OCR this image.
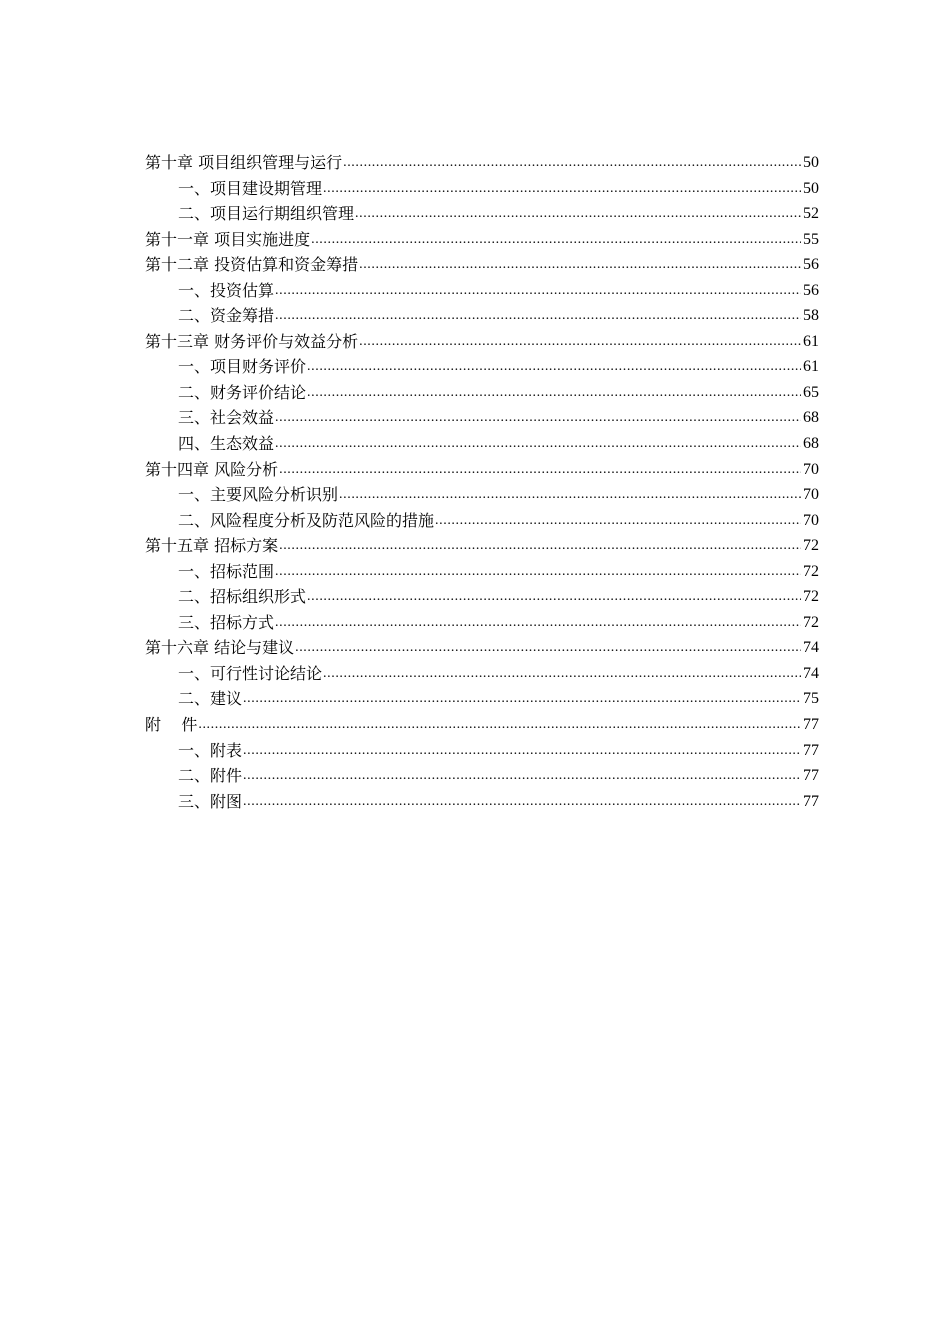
第十章 项目组织管理与运行 .....	50
一、项目建设期管理 .....	50
二、项目运行期组织管理 .....	52
第十一章 项目实施进度 .....	55
第十二章 投资估算和资金筹措 .....	56
一、投资估算 .....	56
二、资金筹措 .....	58
第十三章 财务评价与效益分析 .....	61
一、项目财务评价 .....	61
二、财务评价结论 .....	65
三、社会效益 .....	68
四、生态效益 .....	68
第十四章 风险分析 .....	70
一、主要风险分析识别 .....	70
二、风险程度分析及防范风险的措施 .....	70
第十五章 招标方案 .....	72
一、招标范围 .....	72
二、招标组织形式 .....	72
三、招标方式 .....	72
第十六章 结论与建议 .....	74
一、可行性讨论结论 .....	74
二、建议 .....	75
附    件 .....	77
一、附表 .....	77
二、附件 .....	77
三、附图 .....	77
